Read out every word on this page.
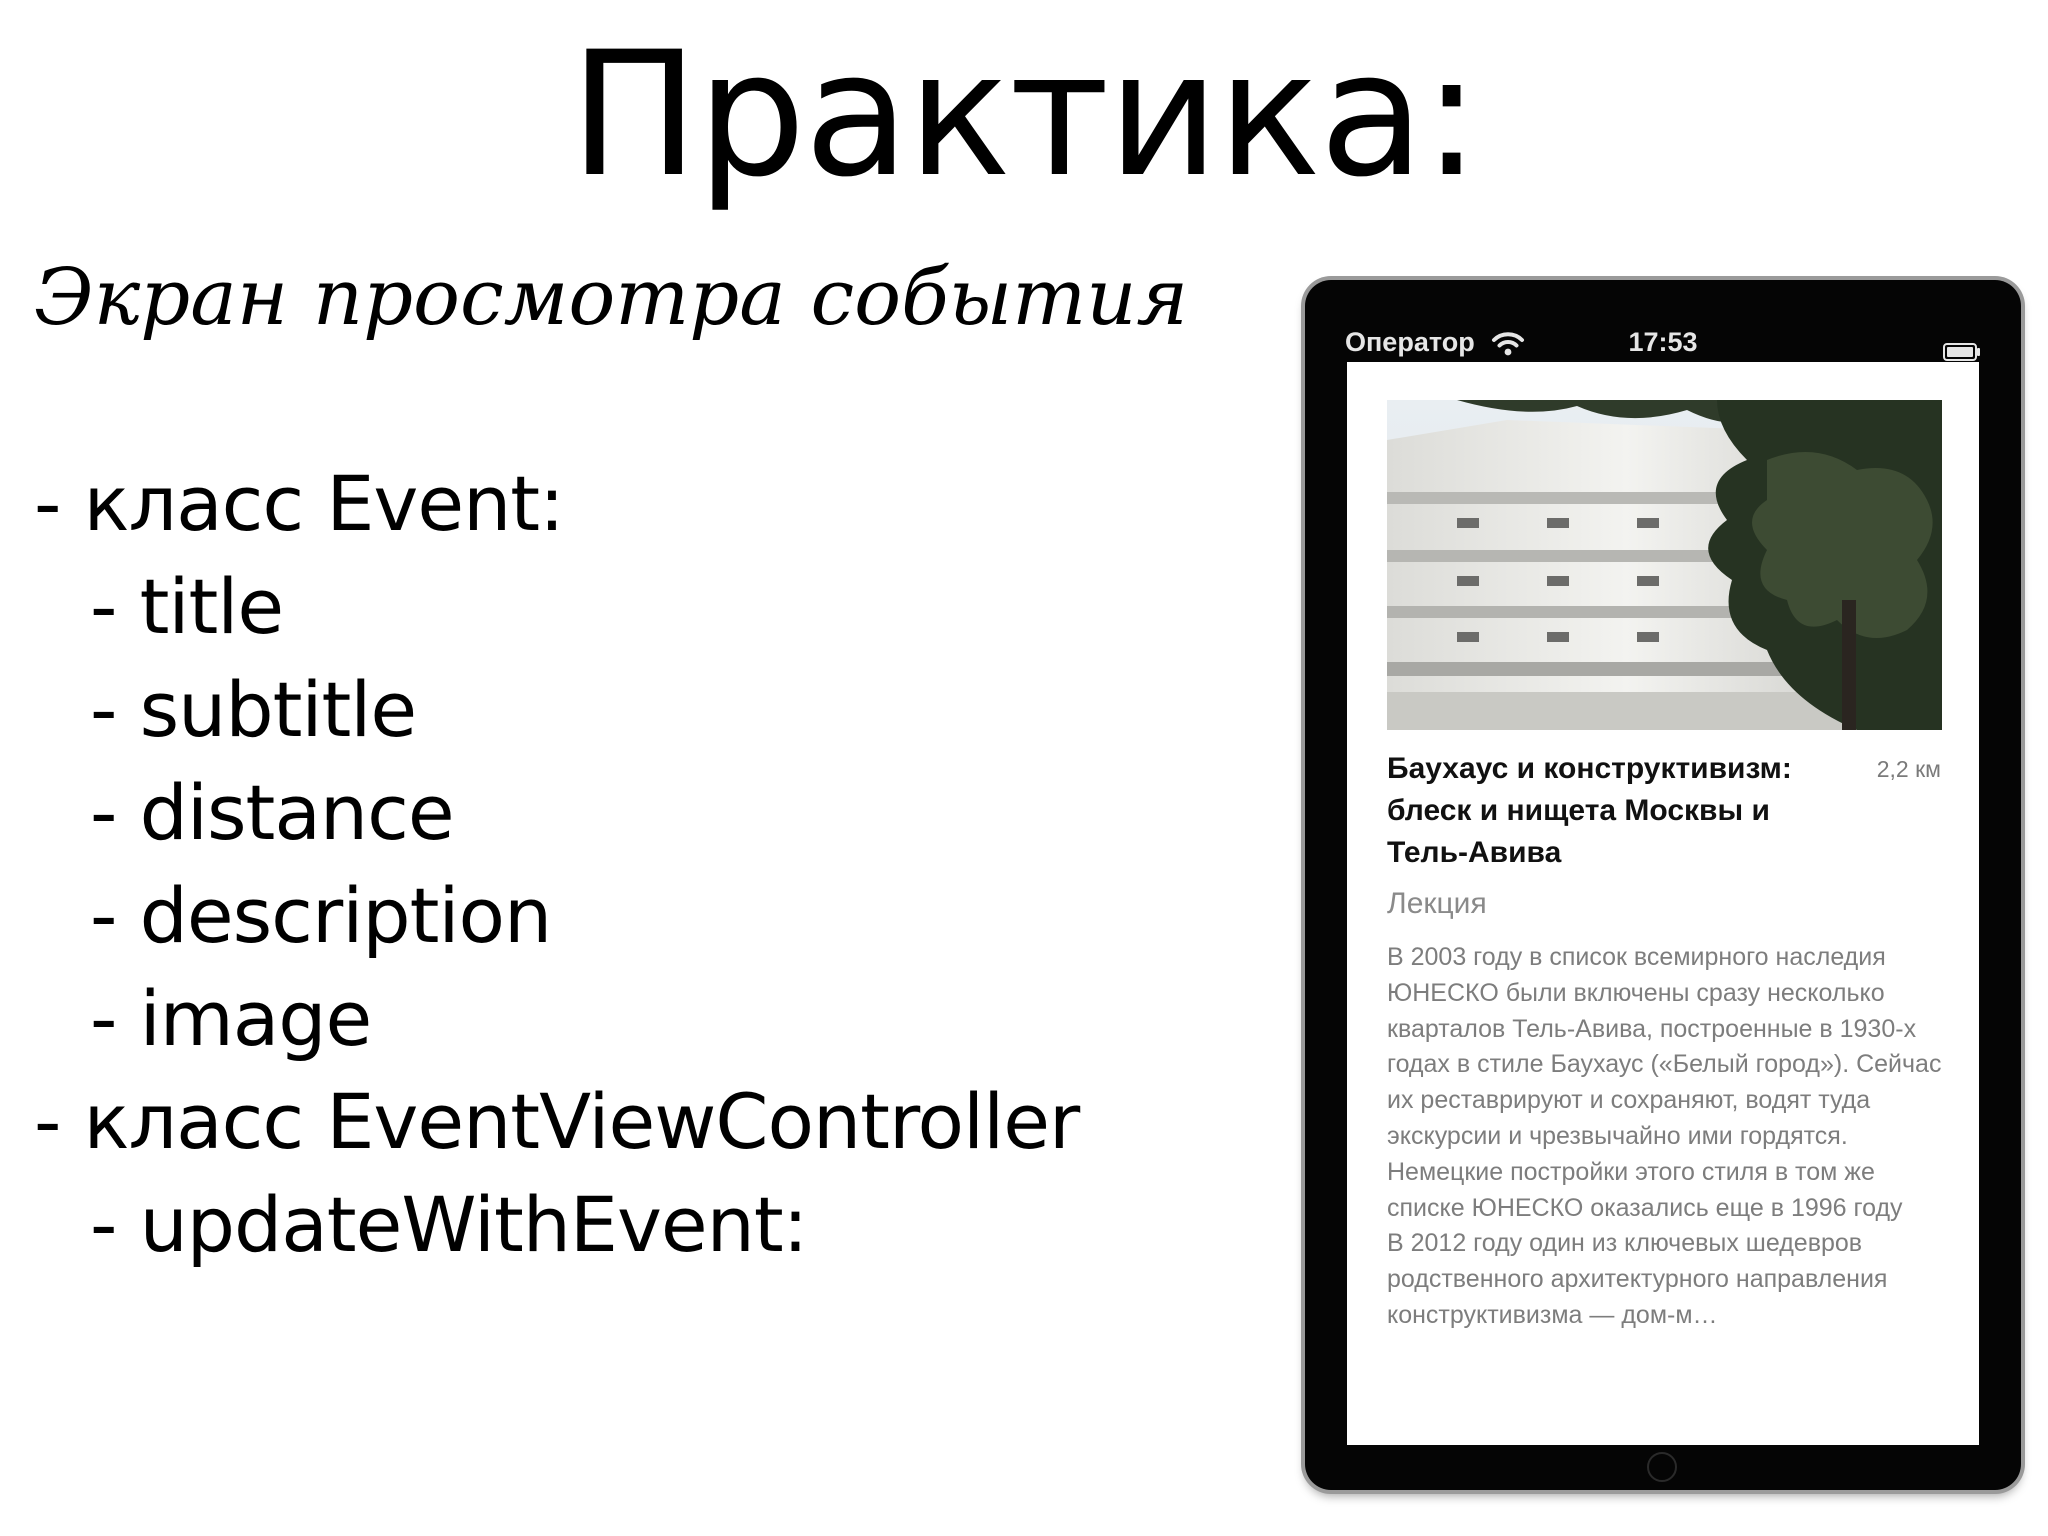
Практика:
Экран просмотра события
- класс Event:
- title
- subtitle
- distance
- description
- image
- класс EventViewController
- updateWithEvent:
Оператор	17:53
Баухаус и конструктивизм: блеск и нищета Москвы и Тель-Авива
2,2 км
Лекция
В 2003 году в список всемирного наследия ЮНЕСКО были включены сразу несколько кварталов Тель-Авива, построенные в 1930-х годах в стиле Баухаус («Белый город»). Сейчас их реставрируют и сохраняют, водят туда экскурсии и чрезвычайно ими гордятся. Немецкие постройки этого стиля в том же списке ЮНЕСКО оказались еще в 1996 году
В 2012 году один из ключевых шедевров родственного архитектурного направления конструктивизма — дом-м…
